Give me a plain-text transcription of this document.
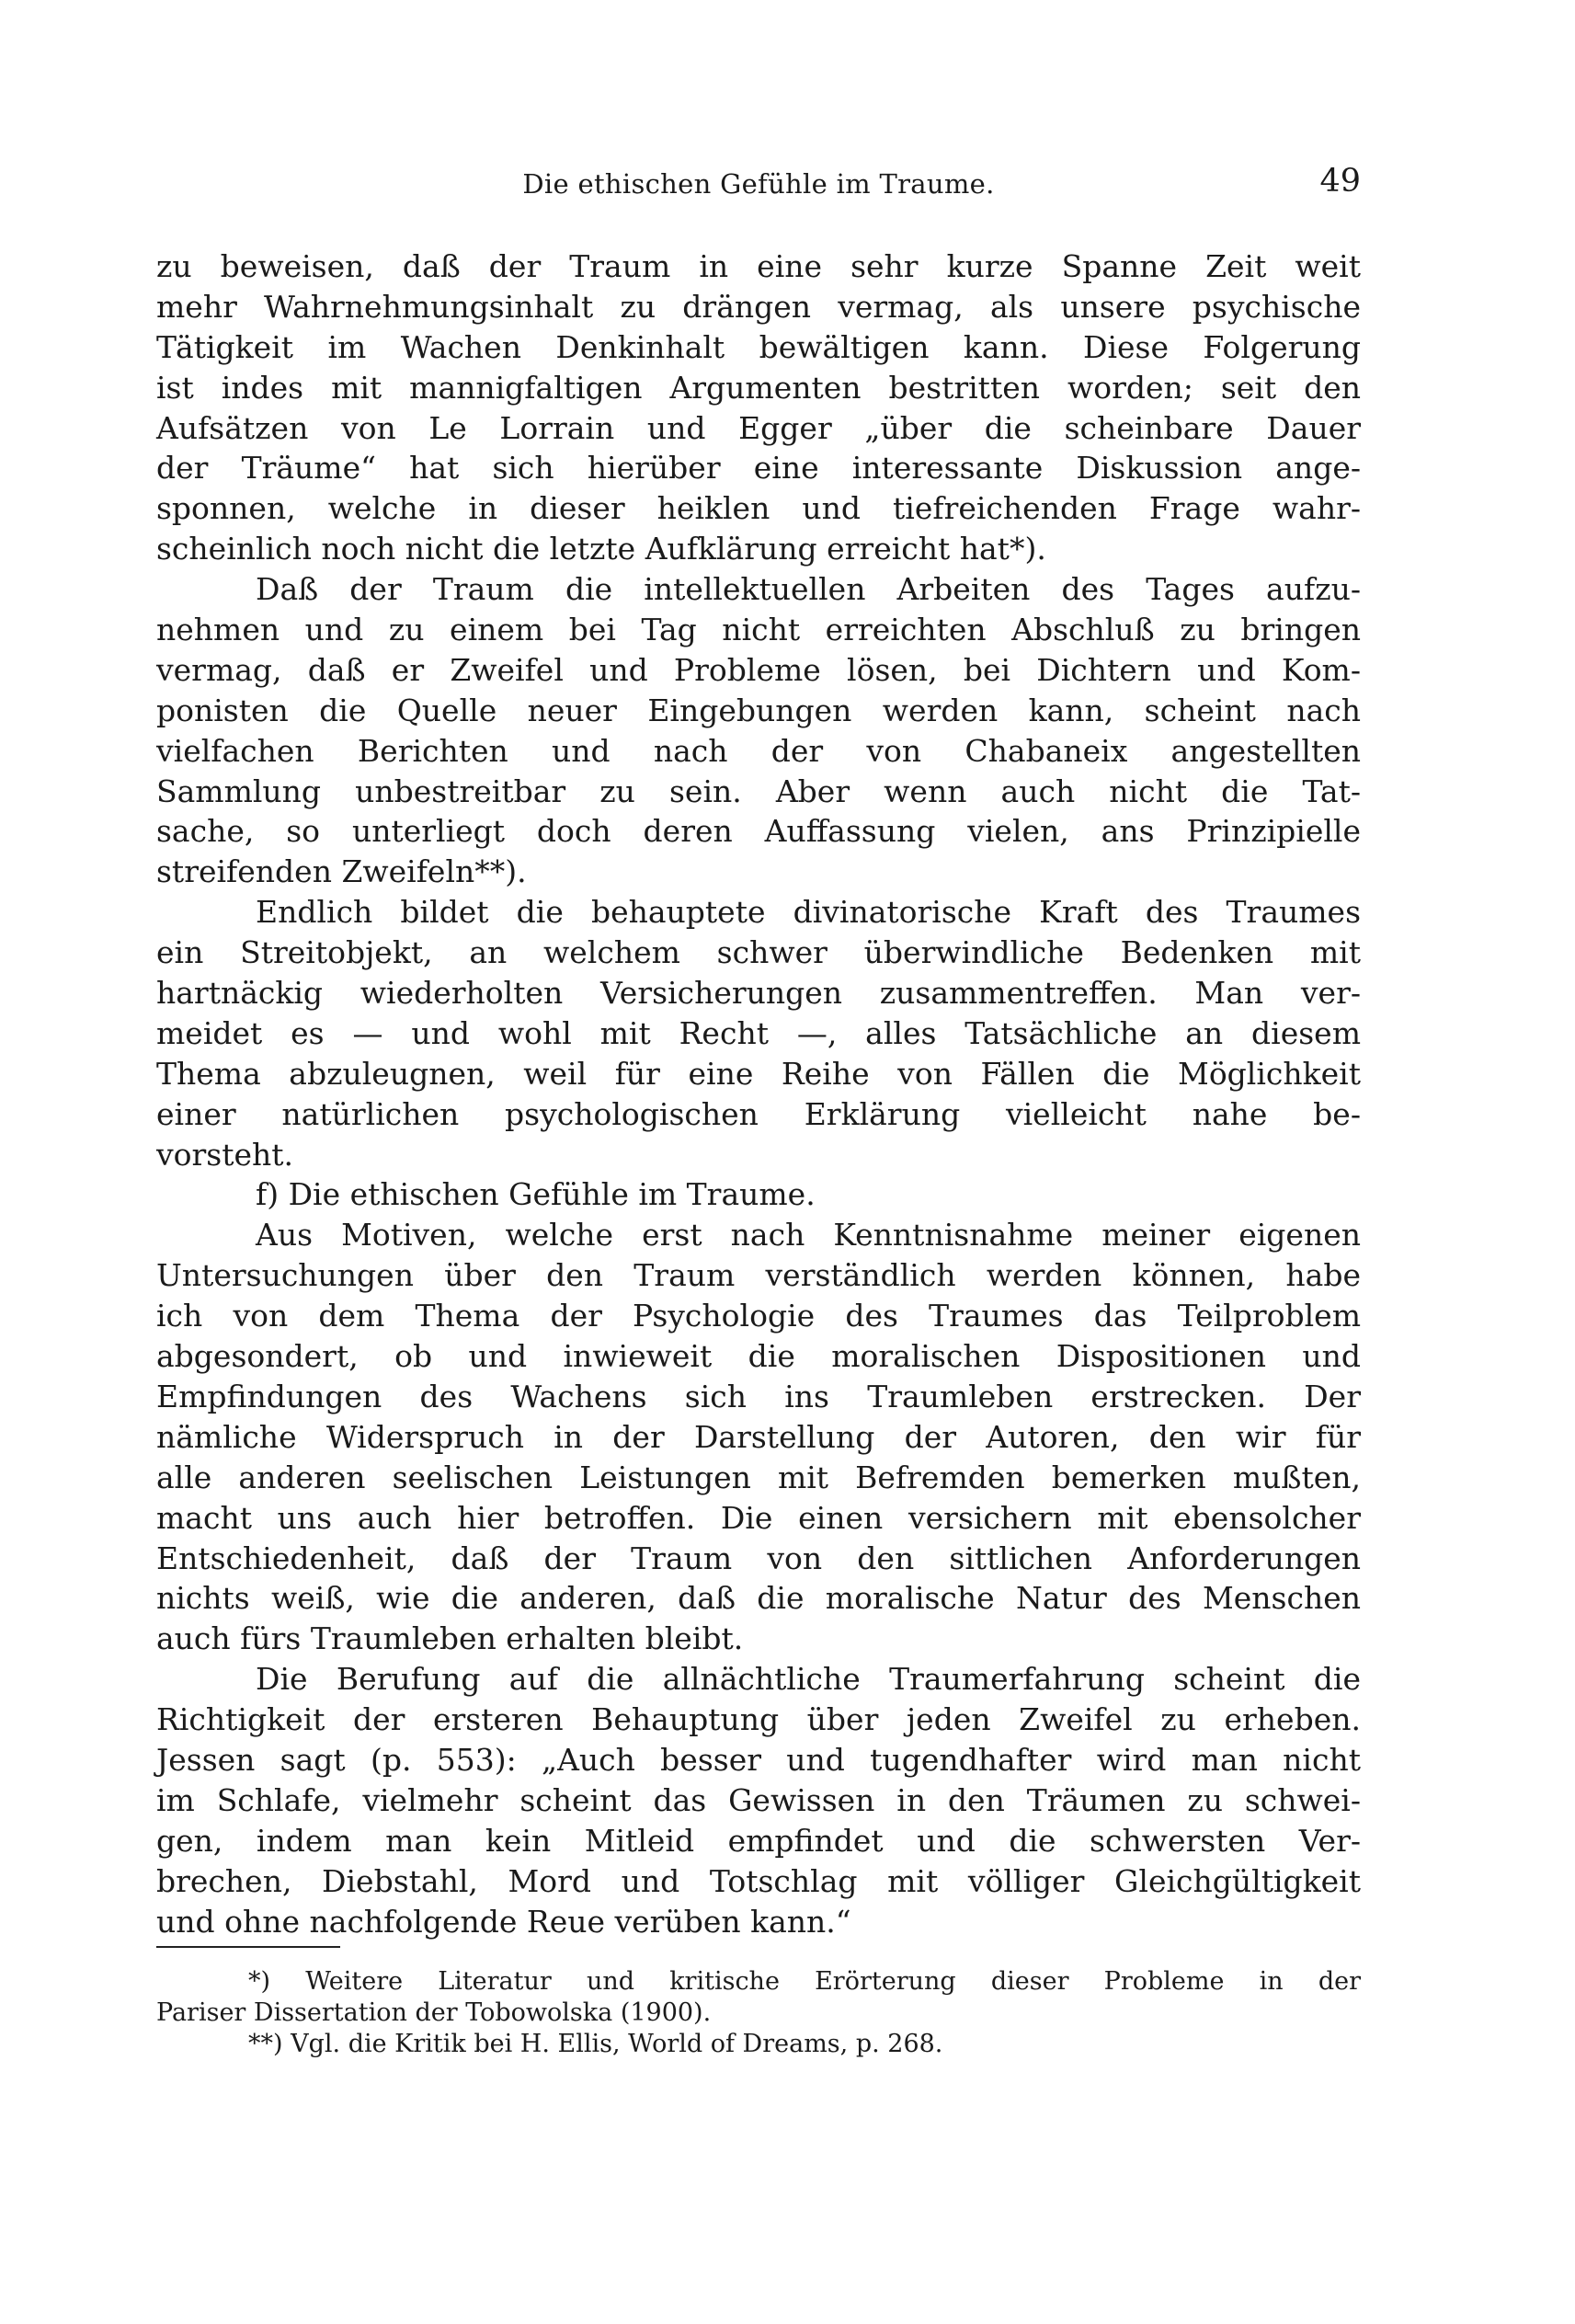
Die ethischen Gefühle im Traume.	49
zu beweisen, daß der Traum in eine sehr kurze Spanne Zeit weit
mehr Wahrnehmungsinhalt zu drängen vermag, als unsere psychische
Tätigkeit im Wachen Denkinhalt bewältigen kann. Diese Folgerung
ist indes mit mannigfaltigen Argumenten bestritten worden; seit den
Aufsätzen von Le Lorrain und Egger „über die scheinbare Dauer
der Träume“ hat sich hierüber eine interessante Diskussion ange-
sponnen, welche in dieser heiklen und tiefreichenden Frage wahr-
scheinlich noch nicht die letzte Aufklärung erreicht hat*).
Daß der Traum die intellektuellen Arbeiten des Tages aufzu-
nehmen und zu einem bei Tag nicht erreichten Abschluß zu bringen
vermag, daß er Zweifel und Probleme lösen, bei Dichtern und Kom-
ponisten die Quelle neuer Eingebungen werden kann, scheint nach
vielfachen Berichten und nach der von Chabaneix angestellten
Sammlung unbestreitbar zu sein. Aber wenn auch nicht die Tat-
sache, so unterliegt doch deren Auffassung vielen, ans Prinzipielle
streifenden Zweifeln**).
Endlich bildet die behauptete divinatorische Kraft des Traumes
ein Streitobjekt, an welchem schwer überwindliche Bedenken mit
hartnäckig wiederholten Versicherungen zusammentreffen. Man ver-
meidet es — und wohl mit Recht —, alles Tatsächliche an diesem
Thema abzuleugnen, weil für eine Reihe von Fällen die Möglichkeit
einer natürlichen psychologischen Erklärung vielleicht nahe be-
vorsteht.
f) Die ethischen Gefühle im Traume.
Aus Motiven, welche erst nach Kenntnisnahme meiner eigenen
Untersuchungen über den Traum verständlich werden können, habe
ich von dem Thema der Psychologie des Traumes das Teilproblem
abgesondert, ob und inwieweit die moralischen Dispositionen und
Empfindungen des Wachens sich ins Traumleben erstrecken. Der
nämliche Widerspruch in der Darstellung der Autoren, den wir für
alle anderen seelischen Leistungen mit Befremden bemerken mußten,
macht uns auch hier betroffen. Die einen versichern mit ebensolcher
Entschiedenheit, daß der Traum von den sittlichen Anforderungen
nichts weiß, wie die anderen, daß die moralische Natur des Menschen
auch fürs Traumleben erhalten bleibt.
Die Berufung auf die allnächtliche Traumerfahrung scheint die
Richtigkeit der ersteren Behauptung über jeden Zweifel zu erheben.
Jessen sagt (p. 553): „Auch besser und tugendhafter wird man nicht
im Schlafe, vielmehr scheint das Gewissen in den Träumen zu schwei-
gen, indem man kein Mitleid empfindet und die schwersten Ver-
brechen, Diebstahl, Mord und Totschlag mit völliger Gleichgültigkeit
und ohne nachfolgende Reue verüben kann.“
*) Weitere Literatur und kritische Erörterung dieser Probleme in der
Pariser Dissertation der Tobowolska (1900).
**) Vgl. die Kritik bei H. Ellis, World of Dreams, p. 268.
